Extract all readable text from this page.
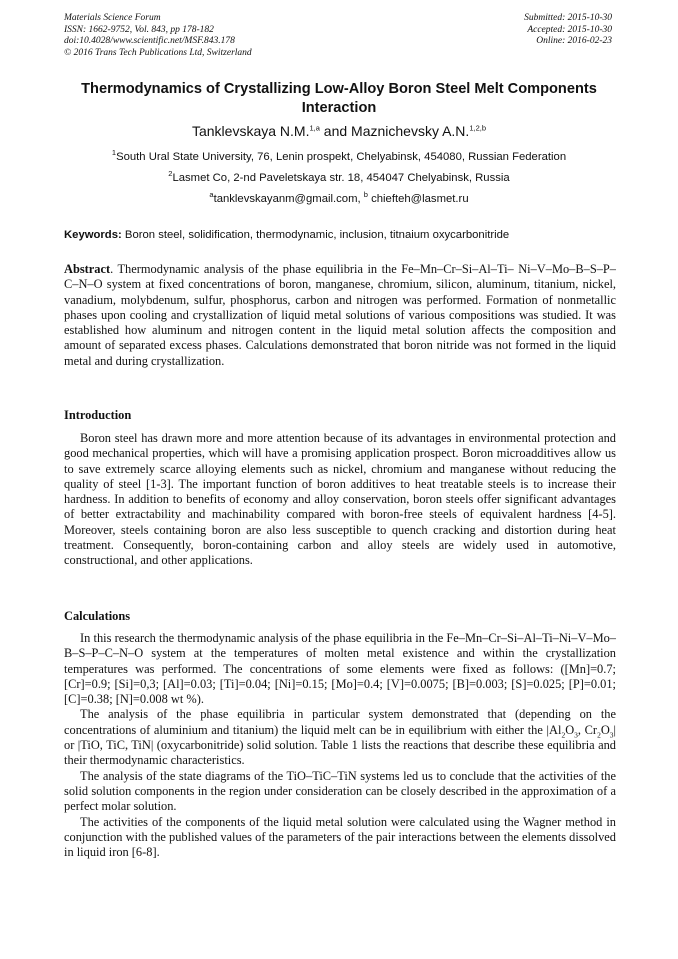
Materials Science Forum
ISSN: 1662-9752, Vol. 843, pp 178-182
doi:10.4028/www.scientific.net/MSF.843.178
© 2016 Trans Tech Publications Ltd, Switzerland
Submitted: 2015-10-30
Accepted: 2015-10-30
Online: 2016-02-23
Thermodynamics of Crystallizing Low-Alloy Boron Steel Melt Components Interaction
Tanklevskaya N.M.$^{1,a}$ and Maznichevsky A.N.$^{1,2,b}$
$^1$South Ural State University, 76, Lenin prospekt, Chelyabinsk, 454080, Russian Federation
$^2$Lasmet Co, 2-nd Paveletskaya str. 18, 454047 Chelyabinsk, Russia
$^a$tanklevskayanm@gmail.com, $^b$ chiefteh@lasmet.ru
Keywords: Boron steel, solidification, thermodynamic, inclusion, titnaium oxycarbonitride

Abstract. Thermodynamic analysis of the phase equilibria in the Fe–Mn–Cr–Si–Al–Ti– Ni–V–Mo–B–S–P–C–N–O system at fixed concentrations of boron, manganese, chromium, silicon, aluminum, titanium, nickel, vanadium, molybdenum, sulfur, phosphorus, carbon and nitrogen was performed. Formation of nonmetallic phases upon cooling and crystallization of liquid metal solutions of various compositions was studied. It was established how aluminum and nitrogen content in the liquid metal solution affects the composition and amount of separated excess phases. Calculations demonstrated that boron nitride was not formed in the liquid metal and during crystallization.

Introduction

Boron steel has drawn more and more attention because of its advantages in environmental protection and good mechanical properties, which will have a promising application prospect. Boron microadditives allow us to save extremely scarce alloying elements such as nickel, chromium and manganese without reducing the quality of steel [1-3]. The important function of boron additives to heat treatable steels is to increase their hardness. In addition to benefits of economy and alloy conservation, boron steels offer significant advantages of better extractability and machinability compared with boron-free steels of equivalent hardness [4-5]. Moreover, steels containing boron are also less susceptible to quench cracking and distortion during heat treatment. Consequently, boron-containing carbon and alloy steels are widely used in automotive, constructional, and other applications.

Calculations

In this research the thermodynamic analysis of the phase equilibria in the Fe–Mn–Cr–Si–Al–Ti–Ni–V–Mo–B–S–P–C–N–O system at the temperatures of molten metal existence and within the crystallization temperatures was performed. The concentrations of some elements were fixed as follows: ([Mn]=0.7; [Cr]=0.9; [Si]=0,3; [Al]=0.03; [Ti]=0.04; [Ni]=0.15; [Mo]=0.4; [V]=0.0075; [B]=0.003; [S]=0.025; [P]=0.01; [C]=0.38; [N]=0.008 wt %).

The analysis of the phase equilibria in particular system demonstrated that (depending on the concentrations of aluminium and titanium) the liquid melt can be in equilibrium with either the $|Al_2O_3$, $Cr_2O_3|$ or |TiO, TiC, TiN| (oxycarbonitride) solid solution. Table 1 lists the reactions that describe these equilibria and their thermodynamic characteristics.

The analysis of the state diagrams of the TiO–TiC–TiN systems led us to conclude that the activities of the solid solution components in the region under consideration can be closely described in the approximation of a perfect molar solution.

The activities of the components of the liquid metal solution were calculated using the Wagner method in conjunction with the published values of the parameters of the pair interactions between the elements dissolved in liquid iron [6-8].
